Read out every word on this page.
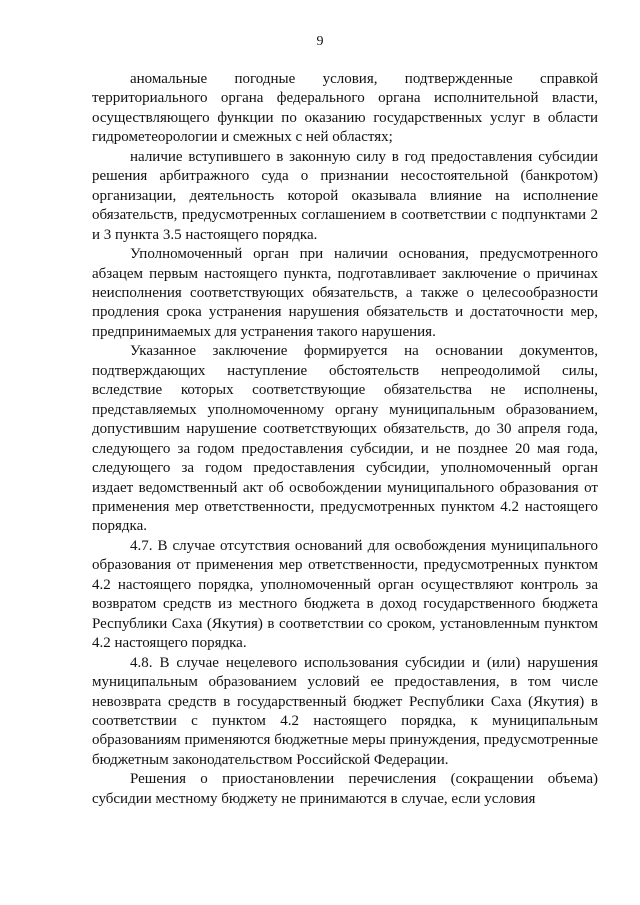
9

аномальные погодные условия, подтвержденные справкой территориального органа федерального органа исполнительной власти, осуществляющего функции по оказанию государственных услуг в области гидрометеорологии и смежных с ней областях;

наличие вступившего в законную силу в год предоставления субсидии решения арбитражного суда о признании несостоятельной (банкротом) организации, деятельность которой оказывала влияние на исполнение обязательств, предусмотренных соглашением в соответствии с подпунктами 2 и 3 пункта 3.5 настоящего порядка.

Уполномоченный орган при наличии основания, предусмотренного абзацем первым настоящего пункта, подготавливает заключение о причинах неисполнения соответствующих обязательств, а также о целесообразности продления срока устранения нарушения обязательств и достаточности мер, предпринимаемых для устранения такого нарушения.

Указанное заключение формируется на основании документов, подтверждающих наступление обстоятельств непреодолимой силы, вследствие которых соответствующие обязательства не исполнены, представляемых уполномоченному органу муниципальным образованием, допустившим нарушение соответствующих обязательств, до 30 апреля года, следующего за годом предоставления субсидии, и не позднее 20 мая года, следующего за годом предоставления субсидии, уполномоченный орган издает ведомственный акт об освобождении муниципального образования от применения мер ответственности, предусмотренных пунктом 4.2 настоящего порядка.

4.7. В случае отсутствия оснований для освобождения муниципального образования от применения мер ответственности, предусмотренных пунктом 4.2 настоящего порядка, уполномоченный орган осуществляют контроль за возвратом средств из местного бюджета в доход государственного бюджета Республики Саха (Якутия) в соответствии со сроком, установленным пунктом 4.2 настоящего порядка.

4.8. В случае нецелевого использования субсидии и (или) нарушения муниципальным образованием условий ее предоставления, в том числе невозврата средств в государственный бюджет Республики Саха (Якутия) в соответствии с пунктом 4.2 настоящего порядка, к муниципальным образованиям применяются бюджетные меры принуждения, предусмотренные бюджетным законодательством Российской Федерации.

Решения о приостановлении перечисления (сокращении объема) субсидии местному бюджету не принимаются в случае, если условия
